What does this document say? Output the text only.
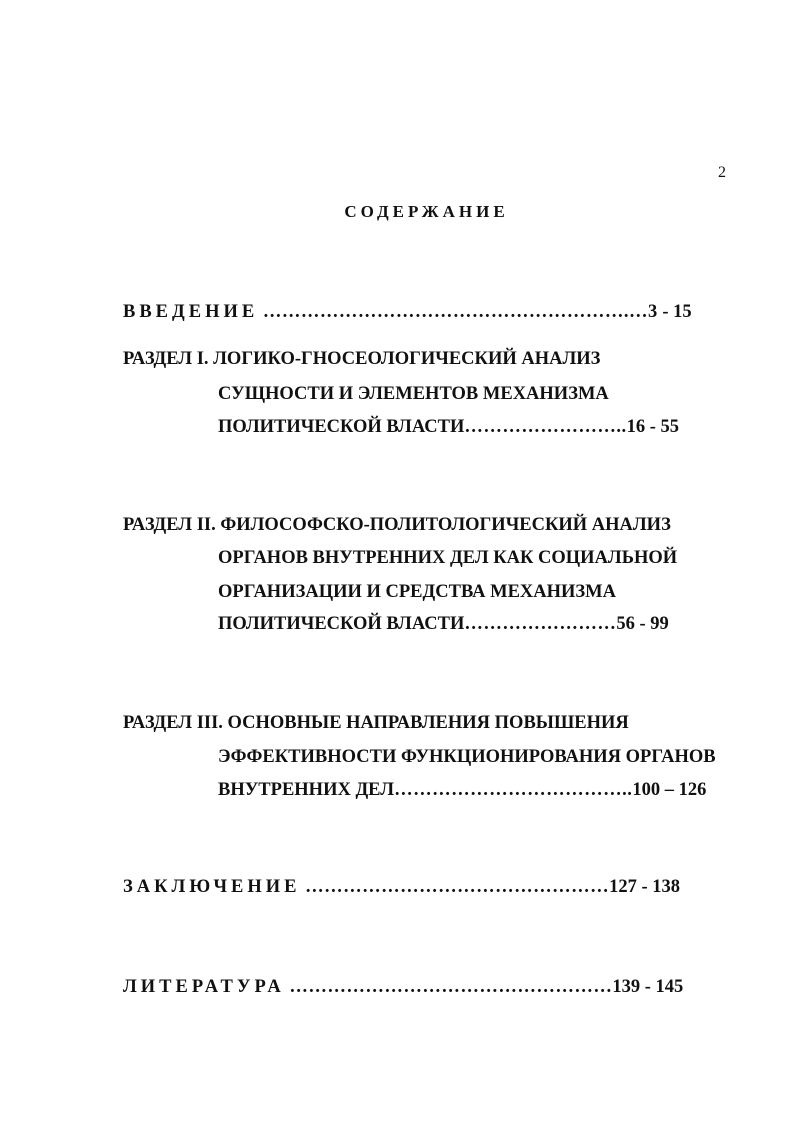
2
СОДЕРЖАНИЕ
ВВЕДЕНИЕ ………………………………………………….…3 - 15
РАЗДЕЛ I. ЛОГИКО-ГНОСЕОЛОГИЧЕСКИЙ АНАЛИЗ
СУЩНОСТИ И ЭЛЕМЕНТОВ МЕХАНИЗМА
ПОЛИТИЧЕСКОЙ ВЛАСТИ……………………..16 - 55
РАЗДЕЛ II. ФИЛОСОФСКО-ПОЛИТОЛОГИЧЕСКИЙ АНАЛИЗ
ОРГАНОВ ВНУТРЕННИХ ДЕЛ КАК СОЦИАЛЬНОЙ
ОРГАНИЗАЦИИ И СРЕДСТВА МЕХАНИЗМА
ПОЛИТИЧЕСКОЙ ВЛАСТИ……………………56 - 99
РАЗДЕЛ III. ОСНОВНЫЕ НАПРАВЛЕНИЯ ПОВЫШЕНИЯ
ЭФФЕКТИВНОСТИ ФУНКЦИОНИРОВАНИЯ ОРГАНОВ
ВНУТРЕННИХ ДЕЛ………………………………..100 – 126
ЗАКЛЮЧЕНИЕ …………………………………………127 - 138
ЛИТЕРАТУРА ……………………………………………139 - 145
